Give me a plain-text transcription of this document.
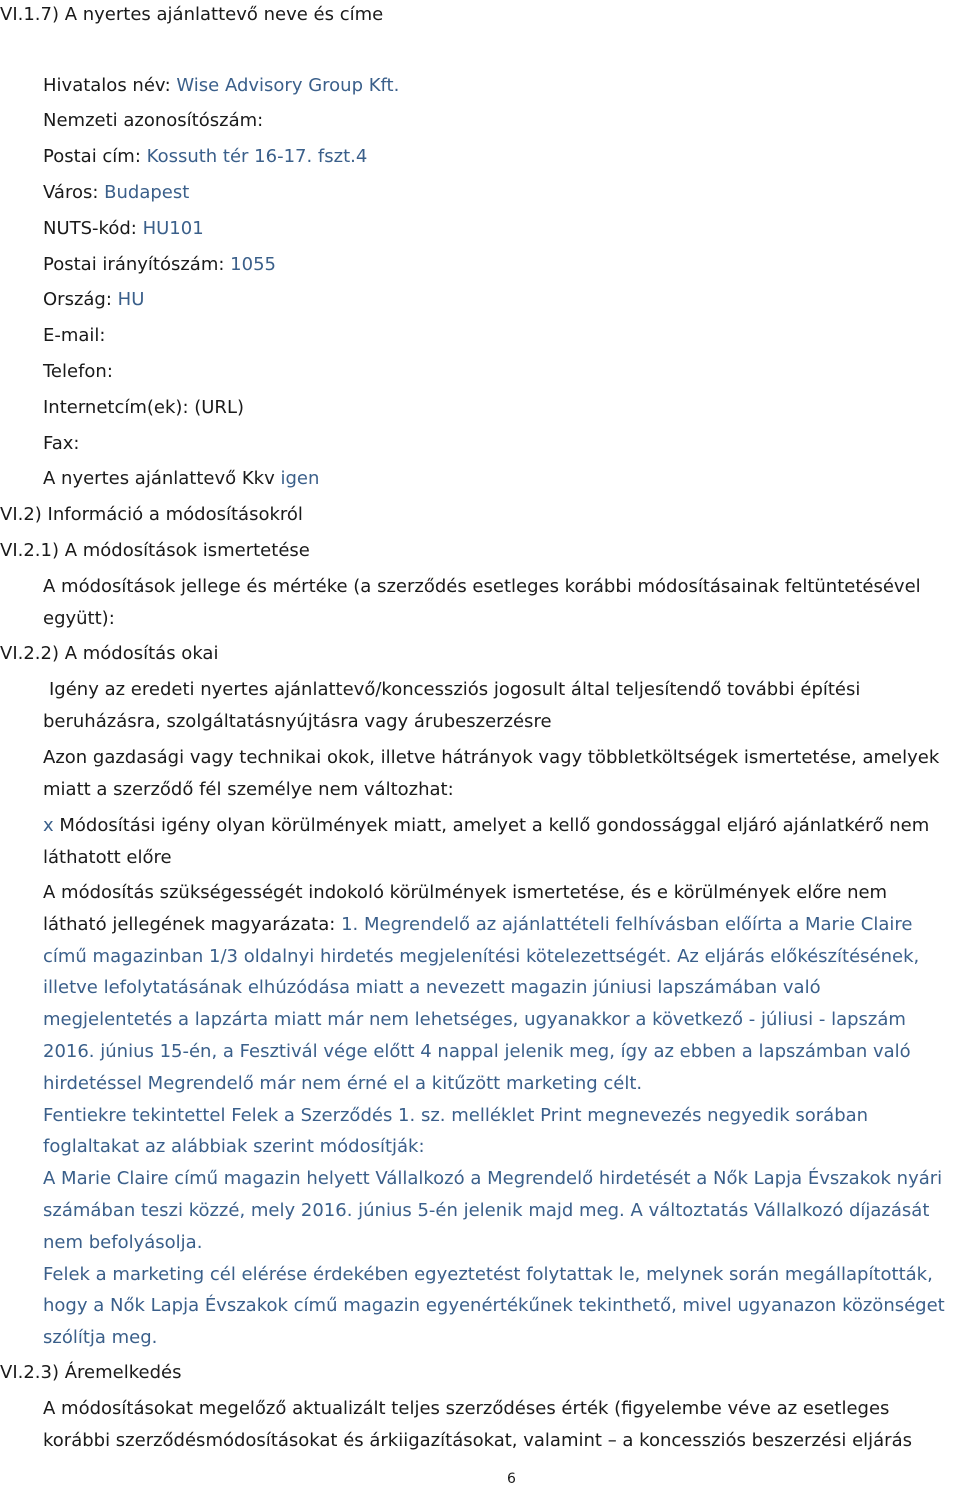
VI.1.7) A nyertes ajánlattevő neve és címe
Hivatalos név: Wise Advisory Group Kft.
Nemzeti azonosítószám:
Postai cím: Kossuth tér 16-17. fszt.4
Város: Budapest
NUTS-kód: HU101
Postai irányítószám: 1055
Ország: HU
E-mail:
Telefon:
Internetcím(ek): (URL)
Fax:
A nyertes ajánlattevő Kkv igen
VI.2) Információ a módosításokról
VI.2.1) A módosítások ismertetése
A módosítások jellege és mértéke (a szerződés esetleges korábbi módosításainak feltüntetésével
együtt):
VI.2.2) A módosítás okai
Igény az eredeti nyertes ajánlattevő/koncessziós jogosult által teljesítendő további építési
beruházásra, szolgáltatásnyújtásra vagy árubeszerzésre
Azon gazdasági vagy technikai okok, illetve hátrányok vagy többletköltségek ismertetése, amelyek
miatt a szerződő fél személye nem változhat:
x Módosítási igény olyan körülmények miatt, amelyet a kellő gondossággal eljáró ajánlatkérő nem
láthatott előre
A módosítás szükségességét indokoló körülmények ismertetése, és e körülmények előre nem
látható jellegének magyarázata: 1. Megrendelő az ajánlattételi felhívásban előírta a Marie Claire
című magazinban 1/3 oldalnyi hirdetés megjelenítési kötelezettségét. Az eljárás előkészítésének,
illetve lefolytatásának elhúzódása miatt a nevezett magazin júniusi lapszámában való
megjelentetés a lapzárta miatt már nem lehetséges, ugyanakkor a következő - júliusi - lapszám
2016. június 15-én, a Fesztivál vége előtt 4 nappal jelenik meg, így az ebben a lapszámban való
hirdetéssel Megrendelő már nem érné el a kitűzött marketing célt.
Fentiekre tekintettel Felek a Szerződés 1. sz. melléklet Print megnevezés negyedik sorában
foglaltakat az alábbiak szerint módosítják:
A Marie Claire című magazin helyett Vállalkozó a Megrendelő hirdetését a Nők Lapja Évszakok nyári
számában teszi közzé, mely 2016. június 5-én jelenik majd meg. A változtatás Vállalkozó díjazását
nem befolyásolja.
Felek a marketing cél elérése érdekében egyeztetést folytattak le, melynek során megállapították,
hogy a Nők Lapja Évszakok című magazin egyenértékűnek tekinthető, mivel ugyanazon közönséget
szólítja meg.
VI.2.3) Áremelkedés
A módosításokat megelőző aktualizált teljes szerződéses érték (figyelembe véve az esetleges
korábbi szerződésmódosításokat és árkiigazításokat, valamint – a koncessziós beszerzési eljárás
6
